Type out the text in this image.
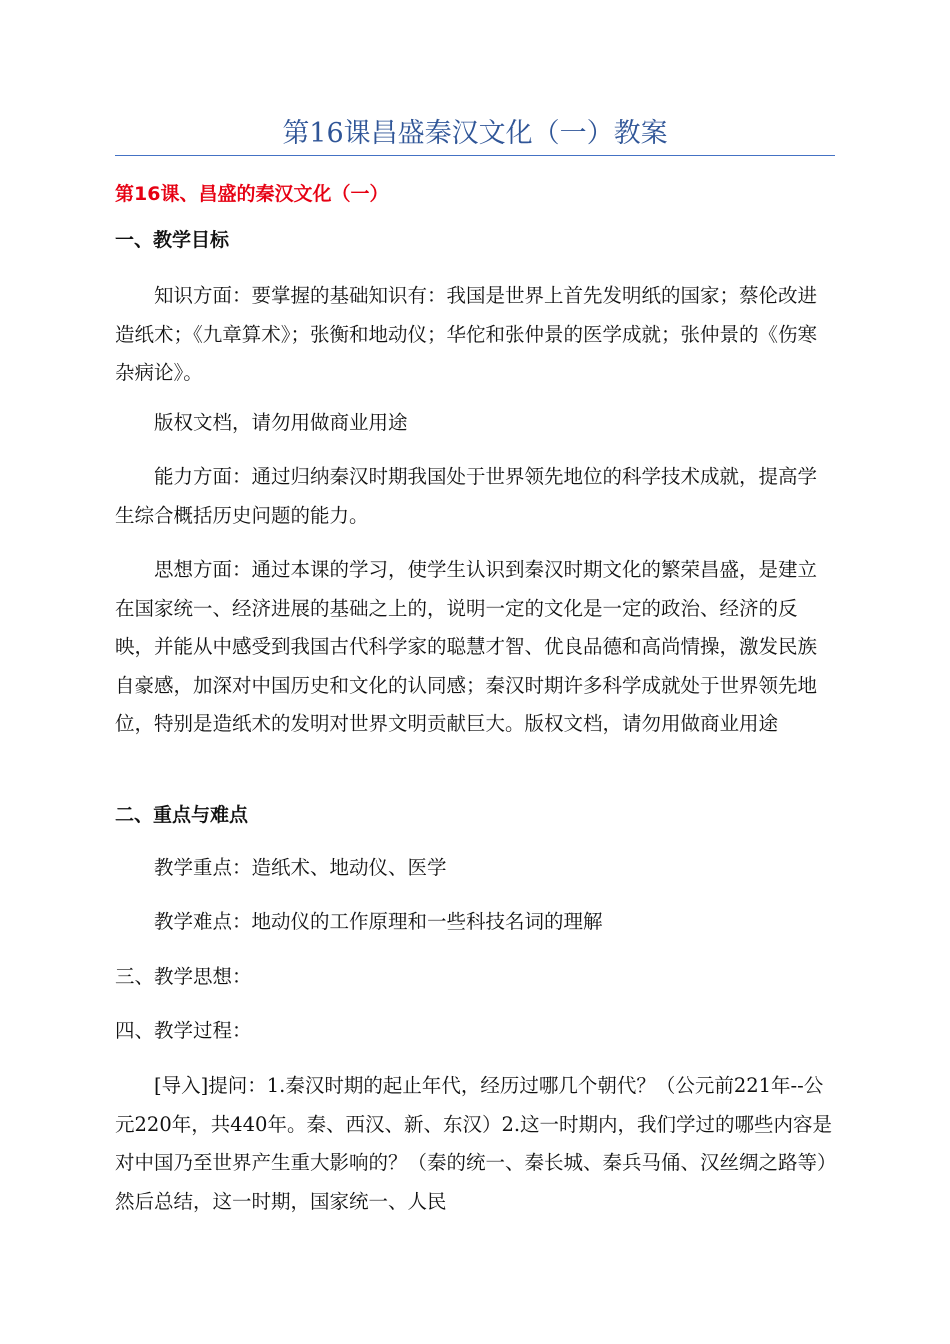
第16课昌盛秦汉文化（一）教案
第16课、昌盛的秦汉文化（一）
一、教学目标

知识方面：要掌握的基础知识有：我国是世界上首先发明纸的国家；蔡伦改进造纸术；《九章算术》；张衡和地动仪；华佗和张仲景的医学成就；张仲景的《伤寒杂病论》。

版权文档，请勿用做商业用途

能力方面：通过归纳秦汉时期我国处于世界领先地位的科学技术成就，提高学生综合概括历史问题的能力。

思想方面：通过本课的学习，使学生认识到秦汉时期文化的繁荣昌盛，是建立在国家统一、经济进展的基础之上的，说明一定的文化是一定的政治、经济的反映，并能从中感受到我国古代科学家的聪慧才智、优良品德和高尚情操，激发民族自豪感，加深对中国历史和文化的认同感；秦汉时期许多科学成就处于世界领先地位，特别是造纸术的发明对世界文明贡献巨大。版权文档，请勿用做商业用途

二、重点与难点

教学重点：造纸术、地动仪、医学

教学难点：地动仪的工作原理和一些科技名词的理解

三、教学思想：
四、教学过程：

[导入]提问：1.秦汉时期的起止年代，经历过哪几个朝代？（公元前221年--公元220年，共440年。秦、西汉、新、东汉）2.这一时期内，我们学过的哪些内容是对中国乃至世界产生重大影响的？（秦的统一、秦长城、秦兵马俑、汉丝绸之路等）然后总结，这一时期，国家统一、人民
